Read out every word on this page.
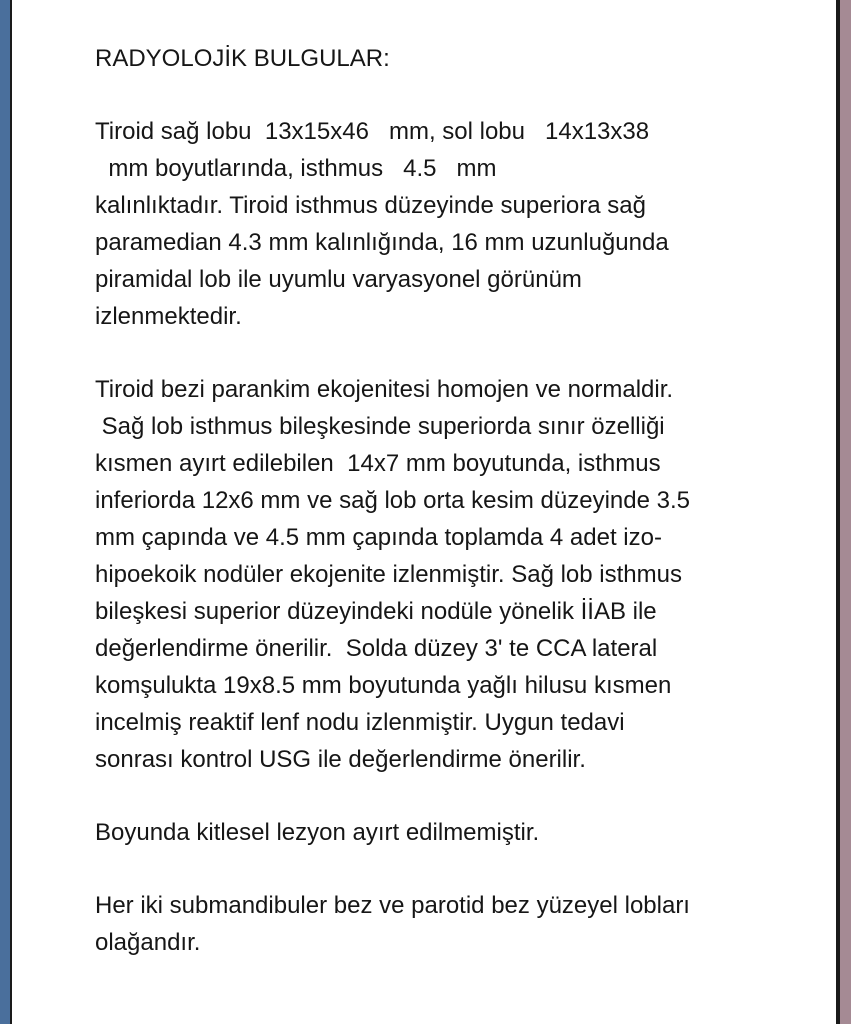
RADYOLOJİK BULGULAR:

Tiroid sağ lobu  13x15x46   mm, sol lobu   14x13x38
mm boyutlarında, isthmus   4.5   mm
kalınlıktadır. Tiroid isthmus düzeyinde superiora sağ
paramedian 4.3 mm kalınlığında, 16 mm uzunluğunda
piramidal lob ile uyumlu varyasyonel görünüm
izlenmektedir.

Tiroid bezi parankim ekojenitesi homojen ve normaldir.
Sağ lob isthmus bileşkesinde superiorda sınır özelliği
kısmen ayırt edilebilen  14x7 mm boyutunda, isthmus
inferiorda 12x6 mm ve sağ lob orta kesim düzeyinde 3.5
mm çapında ve 4.5 mm çapında toplamda 4 adet izo-
hipoekoik nodüler ekojenite izlenmiştir. Sağ lob isthmus
bileşkesi superior düzeyindeki nodüle yönelik İİAB ile
değerlendirme önerilir.  Solda düzey 3' te CCA lateral
komşulukta 19x8.5 mm boyutunda yağlı hilusu kısmen
incelmiş reaktif lenf nodu izlenmiştir. Uygun tedavi
sonrası kontrol USG ile değerlendirme önerilir.

Boyunda kitlesel lezyon ayırt edilmemiştir.

Her iki submandibuler bez ve parotid bez yüzeyel lobları
olağandır.
